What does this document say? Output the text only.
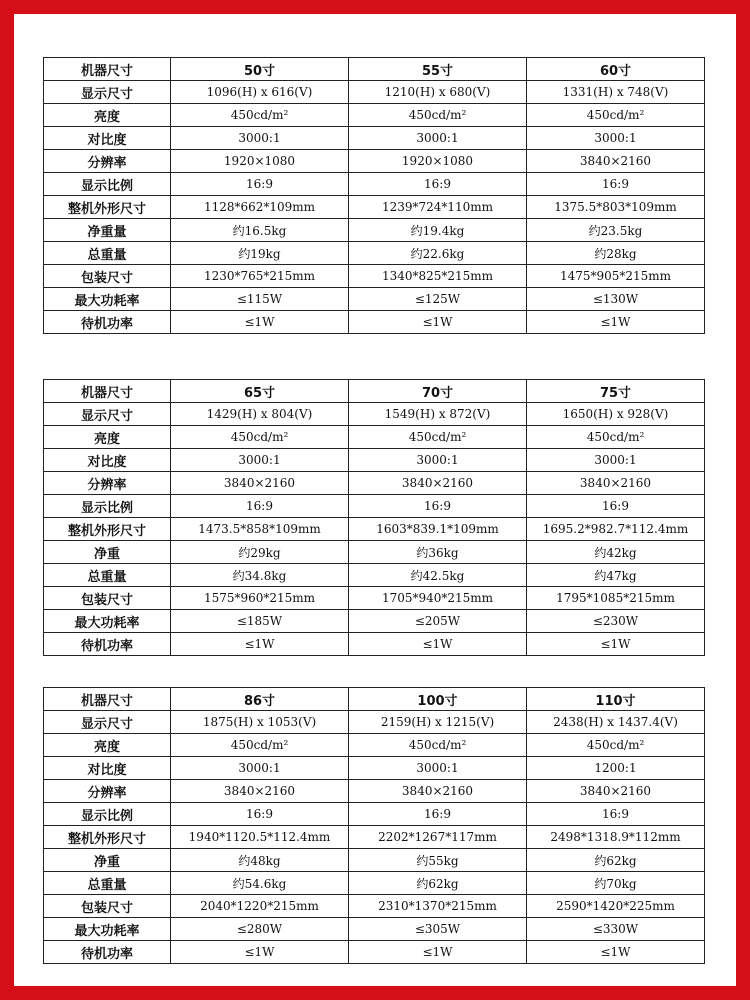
机器尺寸	50寸	55寸	60寸
显示尺寸	1096(H) x 616(V)	1210(H) x 680(V)	1331(H) x 748(V)
亮度	450cd/m²	450cd/m²	450cd/m²
对比度	3000:1	3000:1	3000:1
分辨率	1920×1080	1920×1080	3840×2160
显示比例	16:9	16:9	16:9
整机外形尺寸	1128*662*109mm	1239*724*110mm	1375.5*803*109mm
净重量	约16.5kg	约19.4kg	约23.5kg
总重量	约19kg	约22.6kg	约28kg
包装尺寸	1230*765*215mm	1340*825*215mm	1475*905*215mm
最大功耗率	≤115W	≤125W	≤130W
待机功率	≤1W	≤1W	≤1W
机器尺寸	65寸	70寸	75寸
显示尺寸	1429(H) x 804(V)	1549(H) x 872(V)	1650(H) x 928(V)
亮度	450cd/m²	450cd/m²	450cd/m²
对比度	3000:1	3000:1	3000:1
分辨率	3840×2160	3840×2160	3840×2160
显示比例	16:9	16:9	16:9
整机外形尺寸	1473.5*858*109mm	1603*839.1*109mm	1695.2*982.7*112.4mm
净重	约29kg	约36kg	约42kg
总重量	约34.8kg	约42.5kg	约47kg
包装尺寸	1575*960*215mm	1705*940*215mm	1795*1085*215mm
最大功耗率	≤185W	≤205W	≤230W
待机功率	≤1W	≤1W	≤1W
机器尺寸	86寸	100寸	110寸
显示尺寸	1875(H) x 1053(V)	2159(H) x 1215(V)	2438(H) x 1437.4(V)
亮度	450cd/m²	450cd/m²	450cd/m²
对比度	3000:1	3000:1	1200:1
分辨率	3840×2160	3840×2160	3840×2160
显示比例	16:9	16:9	16:9
整机外形尺寸	1940*1120.5*112.4mm	2202*1267*117mm	2498*1318.9*112mm
净重	约48kg	约55kg	约62kg
总重量	约54.6kg	约62kg	约70kg
包装尺寸	2040*1220*215mm	2310*1370*215mm	2590*1420*225mm
最大功耗率	≤280W	≤305W	≤330W
待机功率	≤1W	≤1W	≤1W
